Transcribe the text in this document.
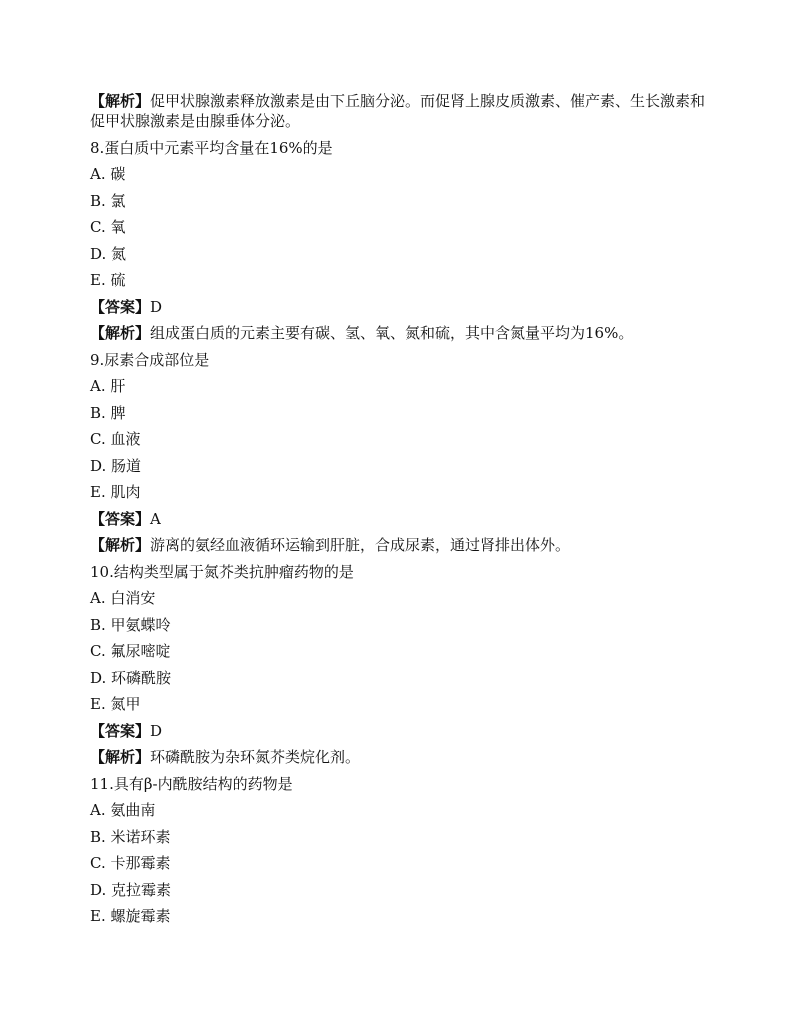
【解析】促甲状腺激素释放激素是由下丘脑分泌。而促肾上腺皮质激素、催产素、生长激素和促甲状腺激素是由腺垂体分泌。
8.蛋白质中元素平均含量在16%的是
A. 碳
B. 氯
C. 氧
D. 氮
E. 硫
【答案】D
【解析】组成蛋白质的元素主要有碳、氢、氧、氮和硫，其中含氮量平均为16%。
9.尿素合成部位是
A. 肝
B. 脾
C. 血液
D. 肠道
E. 肌肉
【答案】A
【解析】游离的氨经血液循环运输到肝脏，合成尿素，通过肾排出体外。
10.结构类型属于氮芥类抗肿瘤药物的是
A. 白消安
B. 甲氨蝶呤
C. 氟尿嘧啶
D. 环磷酰胺
E. 氮甲
【答案】D
【解析】环磷酰胺为杂环氮芥类烷化剂。
11.具有β-内酰胺结构的药物是
A. 氨曲南
B. 米诺环素
C. 卡那霉素
D. 克拉霉素
E. 螺旋霉素
